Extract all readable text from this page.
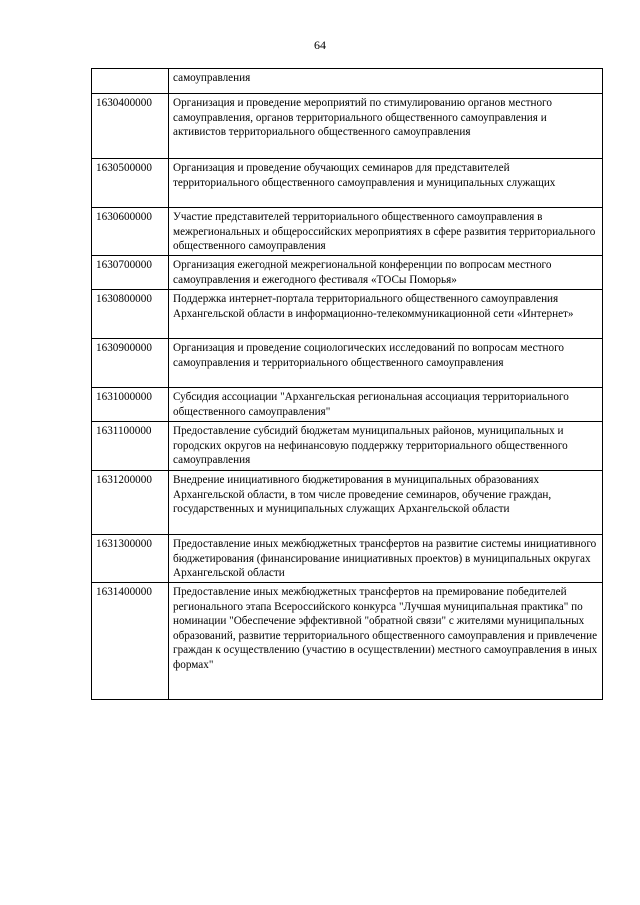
64
	самоуправления
1630400000	Организация и проведение мероприятий по стимулированию органов местного самоуправления, органов территориального общественного самоуправления и активистов территориального общественного самоуправления
1630500000	Организация и проведение обучающих семинаров для представителей территориального общественного самоуправления и муниципальных служащих
1630600000	Участие представителей территориального общественного самоуправления в межрегиональных и общероссийских мероприятиях в сфере развития территориального общественного самоуправления
1630700000	Организация ежегодной межрегиональной конференции по вопросам местного самоуправления и ежегодного фестиваля «ТОСы Поморья»
1630800000	Поддержка интернет-портала территориального общественного самоуправления Архангельской области в информационно-телекоммуникационной сети «Интернет»
1630900000	Организация и проведение социологических исследований по вопросам местного самоуправления и территориального общественного самоуправления
1631000000	Субсидия ассоциации "Архангельская региональная ассоциация территориального общественного самоуправления"
1631100000	Предоставление субсидий бюджетам муниципальных районов, муниципальных и городских округов на нефинансовую поддержку территориального общественного самоуправления
1631200000	Внедрение инициативного бюджетирования в муниципальных образованиях Архангельской области, в том числе проведение семинаров, обучение граждан, государственных и муниципальных служащих Архангельской области
1631300000	Предоставление иных межбюджетных трансфертов на развитие системы инициативного бюджетирования (финансирование инициативных проектов) в муниципальных округах Архангельской области
1631400000	Предоставление иных межбюджетных трансфертов на премирование победителей регионального этапа Всероссийского конкурса "Лучшая муниципальная практика" по номинации "Обеспечение эффективной "обратной связи" с жителями муниципальных образований, развитие территориального общественного самоуправления и привлечение граждан к осуществлению (участию в осуществлении) местного самоуправления в иных формах"
